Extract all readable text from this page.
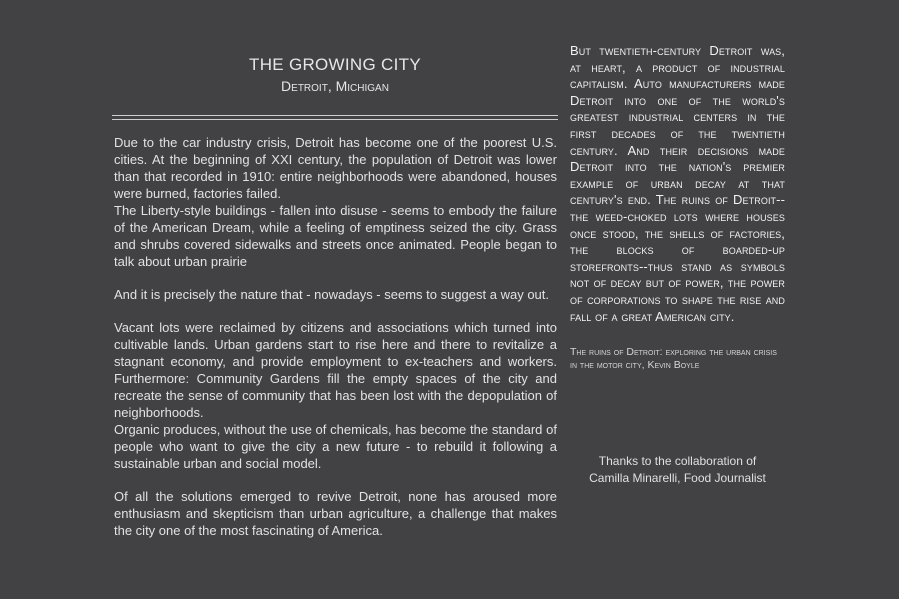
THE GROWING CITY
Detroit, Michigan

Due to the car industry crisis, Detroit has become one of the poorest U.S. cities. At the beginning of XXI century, the population of Detroit was lower than that recorded in 1910: entire neighborhoods were abandoned, houses were burned, factories failed.

The Liberty-style buildings - fallen into disuse - seems to embody the failure of the American Dream, while a feeling of emptiness seized the city. Grass and shrubs covered sidewalks and streets once animated. People began to talk about urban prairie

And it is precisely the nature that - nowadays - seems to suggest a way out.

Vacant lots were reclaimed by citizens and associations which turned into cultivable lands. Urban gardens start to rise here and there to revitalize a stagnant economy, and provide employment to ex-teachers and workers. Furthermore: Community Gardens fill the empty spaces of the city and recreate the sense of community that has been lost with the depopulation of neighborhoods.

Organic produces, without the use of chemicals, has become the standard of people who want to give the city a new future - to rebuild it following a sustainable urban and social model.

Of all the solutions emerged to revive Detroit, none has aroused more enthusiasm and skepticism than urban agriculture, a challenge that makes the city one of the most fascinating of America.

But twentieth-century Detroit was, at heart, a product of industrial capitalism. Auto manufacturers made Detroit into one of the world's greatest industrial centers in the first decades of the twentieth century. And their decisions made Detroit into the nation's premier example of urban decay at that century's end. The ruins of Detroit-- the weed-choked lots where houses once stood, the shells of factories, the blocks of boarded-up storefronts--thus stand as symbols not of decay but of power, the power of corporations to shape the rise and fall of a great American city.
The ruins of Detroit: exploring the urban crisis in the motor city, Kevin Boyle
Thanks to the collaboration of
Camilla Minarelli, Food Journalist
